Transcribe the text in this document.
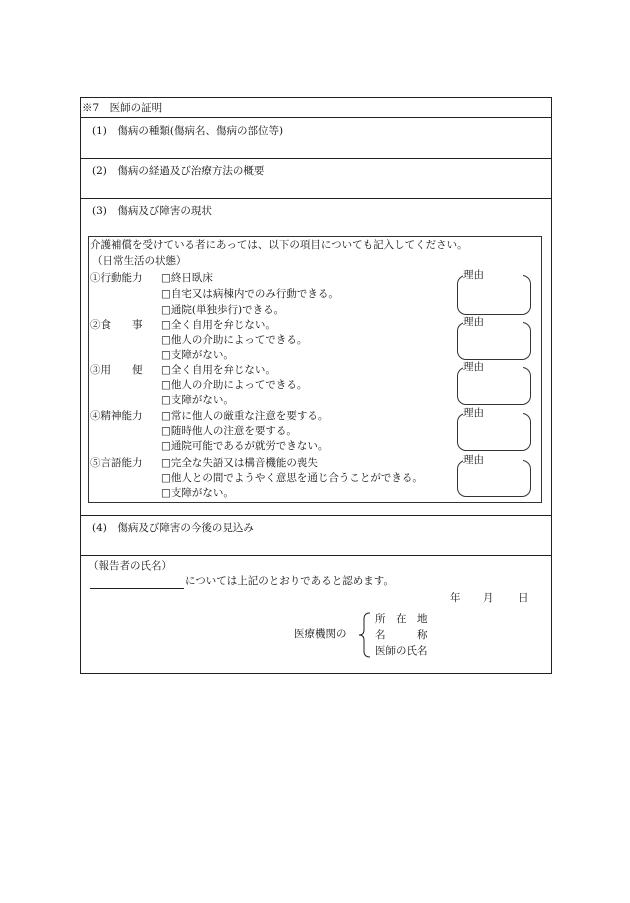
※7　医師の証明
(1)　傷病の種類(傷病名、傷病の部位等)
(2)　傷病の経過及び治療方法の概要
(3)　傷病及び障害の現状
(4)　傷病及び障害の今後の見込み
介護補償を受けている者にあっては、以下の項目についても記入してください。
（日常生活の状態）
①行動能力 □終日臥床
□自宅又は病棟内でのみ行動できる。
□通院(単独歩行)できる。
②食　　事 □全く自用を弁じない。
□他人の介助によってできる。
□支障がない。
③用　　便 □全く自用を弁じない。
□他人の介助によってできる。
□支障がない。
④精神能力 □常に他人の厳重な注意を要する。
□随時他人の注意を要する。
□通院可能であるが就労できない。
⑤言語能力 □完全な失語又は構音機能の喪失
□他人との間でようやく意思を通じ合うことができる。
□支障がない。
理由
理由
理由
理由
理由
（報告者の氏名）
については上記のとおりであると認めます。
年 月 日
医療機関の
所　在　地
名　　　称
医師の氏名
